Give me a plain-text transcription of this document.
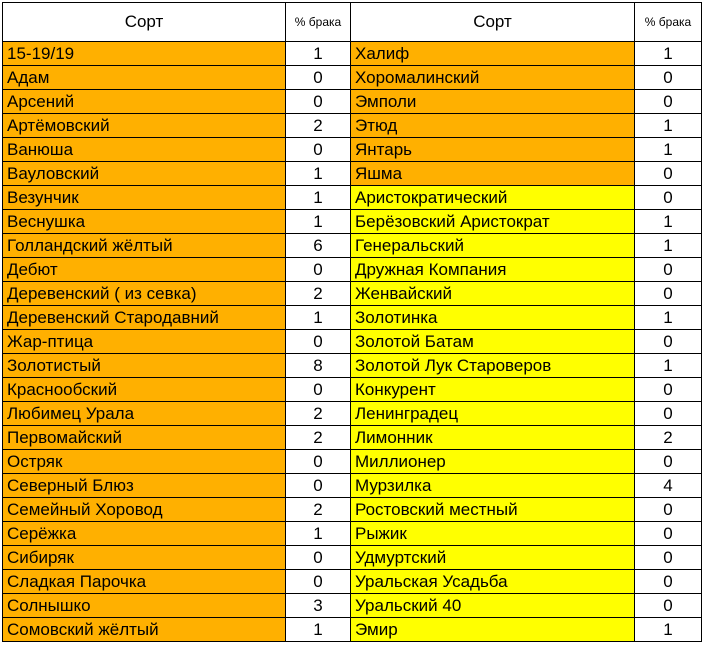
Сорт	% брака	Сорт	% брака
15-19/19	1	Халиф	1
Адам	0	Хоромалинский	0
Арсений	0	Эмполи	0
Артёмовский	2	Этюд	1
Ванюша	0	Янтарь	1
Вауловский	1	Яшма	0
Везунчик	1	Аристократический	0
Веснушка	1	Берёзовский Аристократ	1
Голландский жёлтый	6	Генеральский	1
Дебют	0	Дружная Компания	0
Деревенский ( из севка)	2	Женвайский	0
Деревенский Стародавний	1	Золотинка	1
Жар-птица	0	Золотой Батам	0
Золотистый	8	Золотой Лук Староверов	1
Краснообский	0	Конкурент	0
Любимец Урала	2	Ленинградец	0
Первомайский	2	Лимонник	2
Остряк	0	Миллионер	0
Северный Блюз	0	Мурзилка	4
Семейный Хоровод	2	Ростовский местный	0
Серёжка	1	Рыжик	0
Сибиряк	0	Удмуртский	0
Сладкая Парочка	0	Уральская Усадьба	0
Солнышко	3	Уральский 40	0
Сомовский жёлтый	1	Эмир	1
